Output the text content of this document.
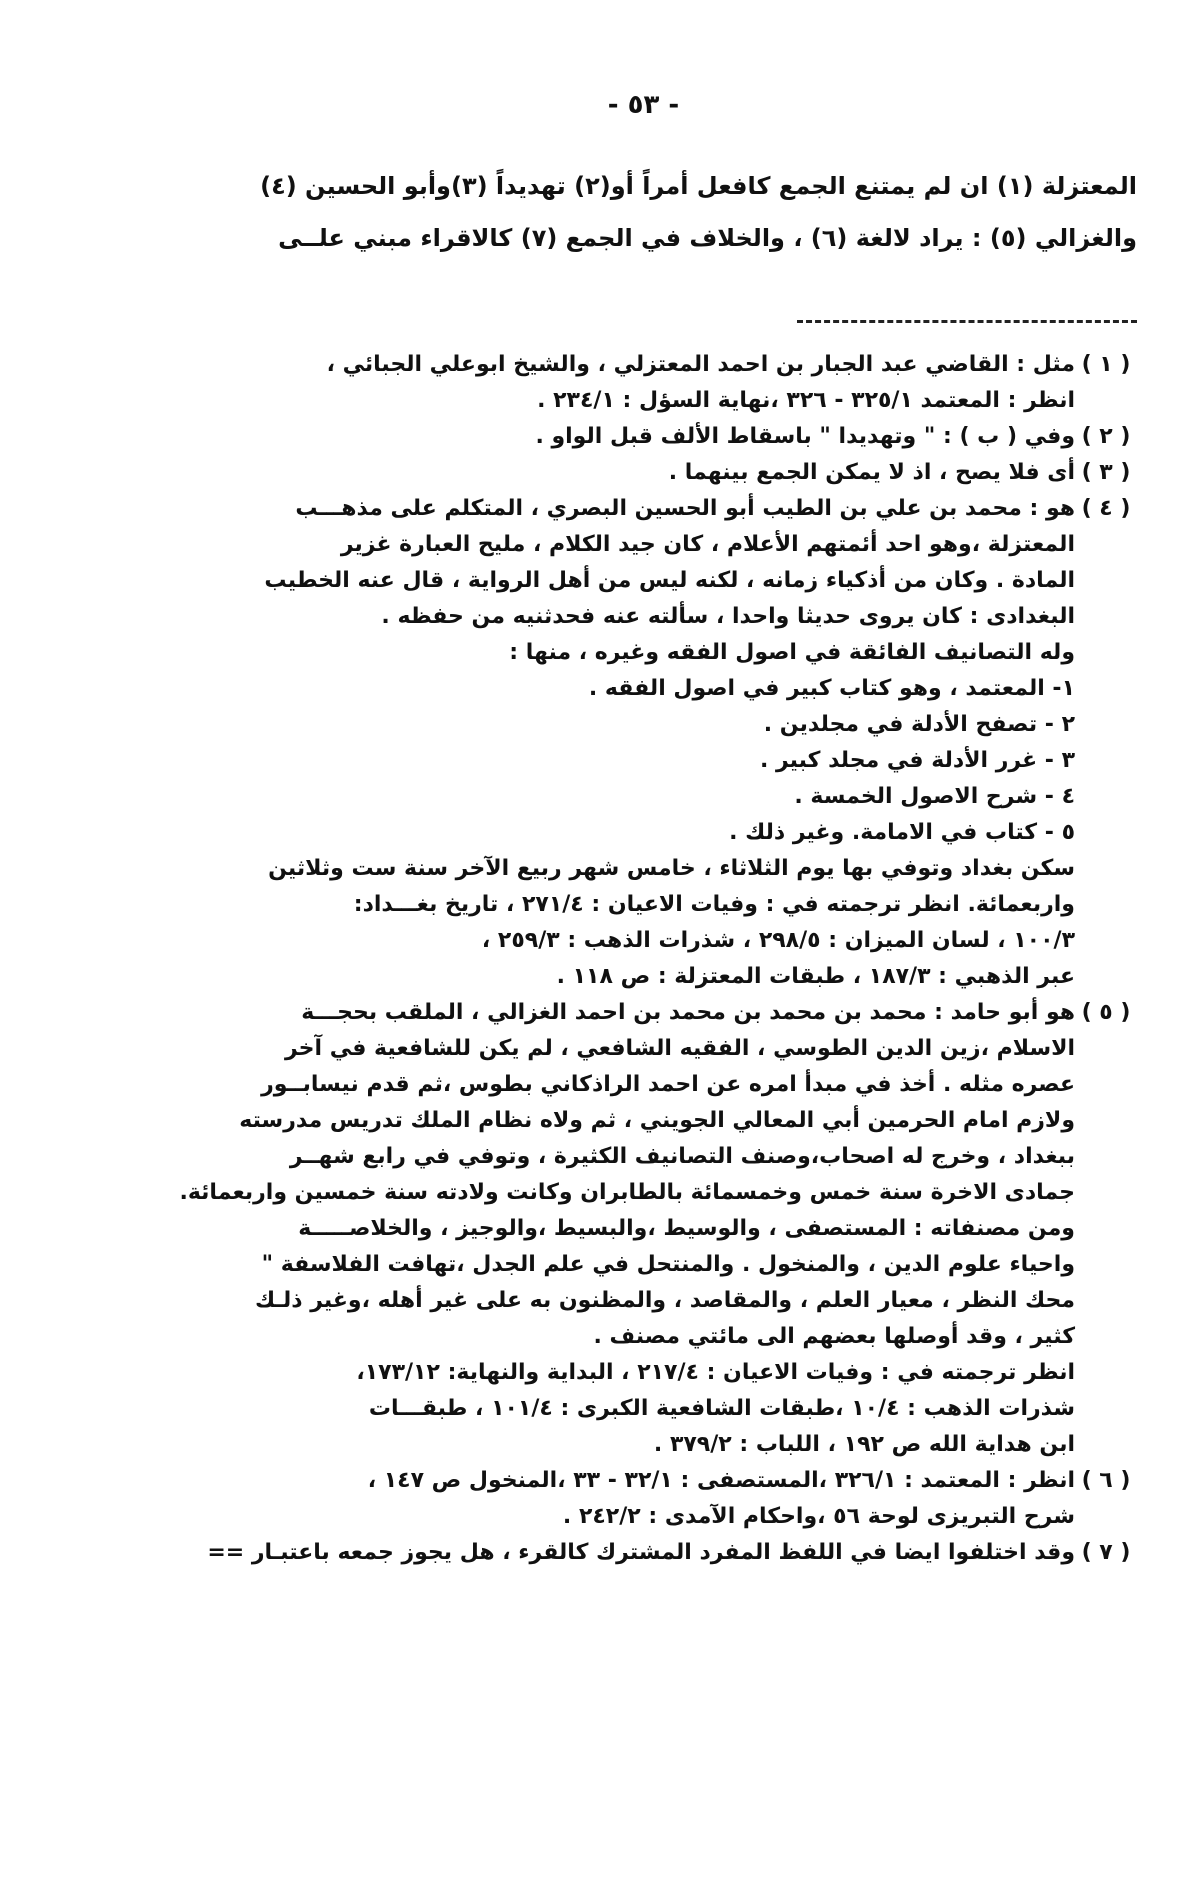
- ٥٣ -
المعتزلة (١) ان لم يمتنع الجمع كافعل أمراً أو(٢) تهديداً (٣)وأبو الحسين (٤)
والغزالي (٥) : يراد لالغة (٦) ، والخلاف في الجمع (٧) كالاقراء مبني علــى
( ١ )
مثل : القاضي عبد الجبار بن احمد المعتزلي ، والشيخ ابوعلي الجبائي ،
انظر : المعتمد ٣٢٥/١ - ٣٢٦ ،نهاية السؤل : ٢٣٤/١ .
( ٢ )
وفي ( ب ) : " وتهديدا " باسقاط الألف قبل الواو .
( ٣ )
أى فلا يصح ، اذ لا يمكن الجمع بينهما .
( ٤ )
هو : محمد بن علي بن الطيب أبو الحسين البصري ، المتكلم على مذهـــب
المعتزلة ،وهو احد أئمتهم الأعلام ، كان جيد الكلام ، مليح العبارة غزير
المادة . وكان من أذكياء زمانه ، لكنه ليس من أهل الرواية ، قال عنه الخطيب
البغدادى : كان يروى حديثا واحدا ، سألته عنه فحدثنيه من حفظه .
وله التصانيف الفائقة في اصول الفقه وغيره ، منها :
١- المعتمد ، وهو كتاب كبير في اصول الفقه .
٢ - تصفح الأدلة في مجلدين .
٣ - غرر الأدلة في مجلد كبير .
٤ - شرح الاصول الخمسة .
٥ - كتاب في الامامة. وغير ذلك .
سكن بغداد وتوفي بها يوم الثلاثاء ، خامس شهر ربيع الآخر سنة ست وثلاثين
واربعمائة. انظر ترجمته في : وفيات الاعيان : ٢٧١/٤ ، تاريخ بغـــداد:
١٠٠/٣ ، لسان الميزان : ٢٩٨/٥ ، شذرات الذهب : ٢٥٩/٣ ،
عبر الذهبي : ١٨٧/٣ ، طبقات المعتزلة : ص ١١٨ .
( ٥ )
هو أبو حامد : محمد بن محمد بن محمد بن احمد الغزالي ، الملقب بحجـــة
الاسلام ،زين الدين الطوسي ، الفقيه الشافعي ، لم يكن للشافعية في آخر
عصره مثله . أخذ في مبدأ امره عن احمد الراذكاني بطوس ،ثم قدم نيسابــور
ولازم امام الحرمين أبي المعالي الجويني ، ثم ولاه نظام الملك تدريس مدرسته
ببغداد ، وخرج له اصحاب،وصنف التصانيف الكثيرة ، وتوفي في رابع شهــر
جمادى الاخرة سنة خمس وخمسمائة بالطابران وكانت ولادته سنة خمسين واربعمائة.
ومن مصنفاته : المستصفى ، والوسيط ،والبسيط ،والوجيز ، والخلاصـــــة
واحياء علوم الدين ، والمنخول . والمنتحل في علم الجدل ،تهافت الفلاسفة "
محك النظر ، معيار العلم ، والمقاصد ، والمظنون به على غير أهله ،وغير ذلـك
كثير ، وقد أوصلها بعضهم الى مائتي مصنف .
انظر ترجمته في : وفيات الاعيان : ٢١٧/٤ ، البداية والنهاية: ١٧٣/١٢،
شذرات الذهب : ١٠/٤ ،طبقات الشافعية الكبرى : ١٠١/٤ ، طبقـــات
ابن هداية الله ص ١٩٢ ، اللباب : ٣٧٩/٢ .
( ٦ )
انظر : المعتمد : ٣٢٦/١ ،المستصفى : ٣٢/١ - ٣٣ ،المنخول ص ١٤٧ ،
شرح التبريزى لوحة ٥٦ ،واحكام الآمدى : ٢٤٢/٢ .
( ٧ )
وقد اختلفوا ايضا في اللفظ المفرد المشترك كالقرء ، هل يجوز جمعه باعتبـار ==
